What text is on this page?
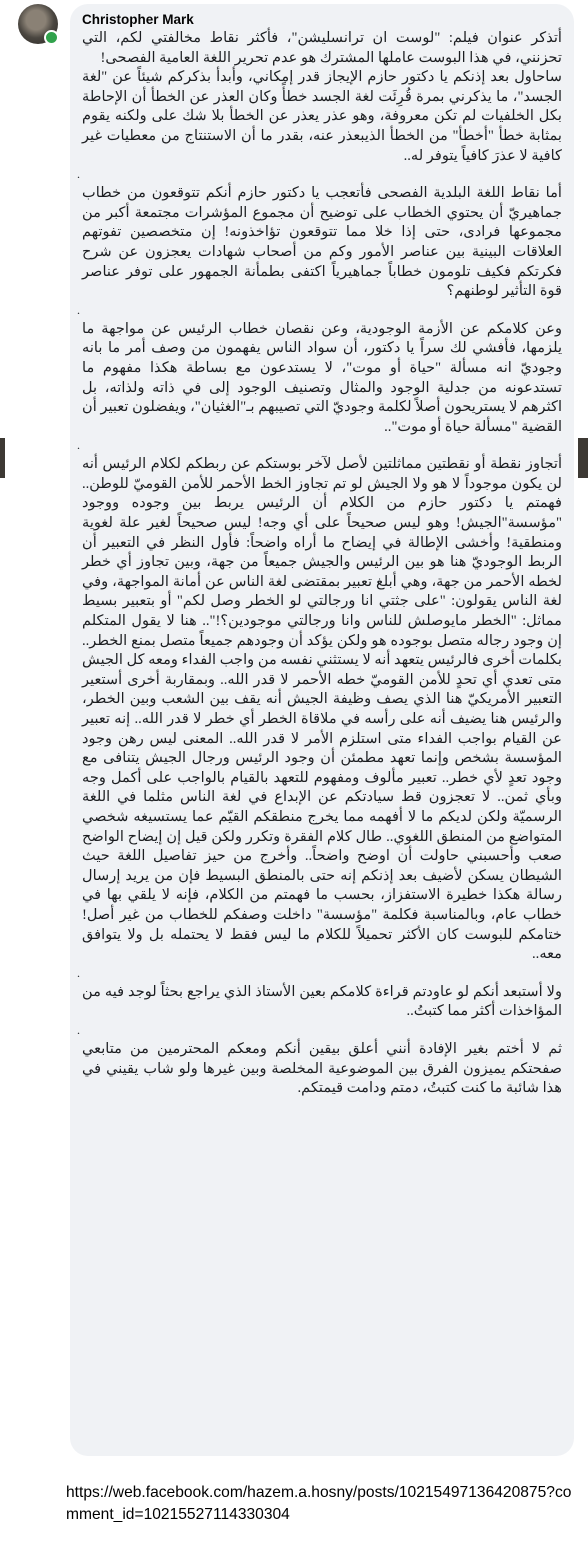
Christopher Mark

أتذكر عنوان فيلم: "لوست ان ترانسليشن"، فأكثر نقاط مخالفتي لكم، التي تحزنني، في هذا البوست عاملها المشترك هو عدم تحرير اللغة العامية الفصحى!

ساحاول بعد إذنكم يا دكتور حازم الإيجاز قدر إمكاني، وأبدأ بذكركم شيئاً عن "لغة الجسد"، ما يذكرني بمرة قُرِئَت لغة الجسد خطأً وكان العذر عن الخطأ أن الإحاطة بكل الخلفيات لم تكن معروفة، وهو عذر يعذر عن الخطأ بلا شك على ولكنه يقوم بمثابة خطأ "أخطأ" من الخطأ الذيبعذر عنه، بقدر ما أن الاستنتاج من معطيات غير كافية لا عذرَ كافياً يتوفر له..

.

أما نقاط اللغة البلدية الفصحى فأتعجب يا دكتور حازم أنكم تتوقعون من خطاب جماهيريّ أن يحتوي الخطاب على توضيح أن مجموع المؤشرات مجتمعة أكبر من مجموعها فرادى، حتى إذا خلا مما تتوقعون تؤاخذونه! إن متخصصين تفوتهم العلاقات البينية بين عناصر الأمور وكم من أصحاب شهادات يعجزون عن شرح فكرتكم فكيف تلومون خطاباً جماهيرياً اكتفى بطمأنة الجمهور على توفر عناصر قوة التأثير لوطنهم؟

.

وعن كلامكم عن الأزمة الوجودية، وعن نقصان خطاب الرئيس عن مواجهة ما يلزمها، فأفشي لك سراً يا دكتور، أن سواد الناس يفهمون من وصف أمر ما بانه وجوديّ انه مسألة "حياة أو موت"، لا يستدعون مع بساطة هكذا مفهوم ما تستدعونه من جدلية الوجود والمثال وتصنيف الوجود إلى في ذاته ولذاته، بل اكثرهم لا يستريحون أصلاً لكلمة وجوديّ التي تصيبهم بـ"الغثيان"، ويفضلون تعبير أن القضية "مسألة حياة أو موت"..

.

أتجاوز نقطة أو نقطتين مماثلتين لأصل لآخر بوستكم عن ربطكم لكلام الرئيس أنه لن يكون موجوداً لا هو ولا الجيش لو تم تجاوز الخط الأحمر للأمن القوميّ للوطن.. فهمتم يا دكتور حازم من الكلام أن الرئيس يربط بين وجوده ووجود "مؤسسة"الجيش! وهو ليس صحيحاً على أي وجه! ليس صحيحاً لغير علة لغوية ومنطقية! وأخشى الإطالة في إيضاح ما أراه واضحاً: فأول النظر في التعبير أن الربط الوجوديّ هنا هو بين الرئيس والجيش جميعاً من جهة، وبين تجاوز أي خطر لخطه الأحمر من جهة، وهي أبلغ تعبير بمقتضى لغة الناس عن أمانة المواجهة، وفي لغة الناس يقولون: "على جثتي انا ورجالتي لو الخطر وصل لكم" أو بتعبير بسيط مماثل: "الخطر مايوصلش للناس وانا ورجالتي موجودين؟!".. هنا لا يقول المتكلم إن وجود رجاله متصل بوجوده هو ولكن يؤكد أن وجودهم جميعاً متصل بمنع الخطر.. بكلمات أخرى فالرئيس يتعهد أنه لا يستثني نفسه من واجب الفداء ومعه كل الجيش متى تعدي أي تحدٍ للأمن القوميّ خطه الأحمر لا قدر الله.. وبمقاربة أخرى أستعير التعبير الأمريكيّ هنا الذي يصف وظيفة الجيش أنه يقف بين الشعب وبين الخطر، والرئيس هنا يضيف أنه على رأسه في ملاقاة الخطر أي خطر لا قدر الله.. إنه تعبير عن القيام بواجب الفداء متى استلزم الأمر لا قدر الله.. المعنى ليس رهن وجود المؤسسة بشخص وإنما تعهد مطمئن أن وجود الرئيس ورجال الجيش يتنافى مع وجود تعدٍ لأي خطر.. تعبير مألوف ومفهوم للتعهد بالقيام بالواجب على أكمل وجه وبأي ثمن.. لا تعجزون قط سيادتكم عن الإبداع في لغة الناس مثلما في اللغة الرسميّة ولكن لديكم ما لا أفهمه مما يخرج منطقكم القيّم عما يستسيغه شخصي المتواضع من المنطق اللغوي.. طال كلام الفقرة وتكرر ولكن قيل إن إيضاح الواضح صعب وأحسبني حاولت أن اوضح واضحاً.. وأخرج من حيز تفاصيل اللغة حيث الشيطان يسكن لأضيف بعد إذنكم إنه حتى بالمنطق البسيط فإن من يريد إرسال رسالة هكذا خطيرة الاستفزاز، بحسب ما فهمتم من الكلام، فإنه لا يلقي بها في خطاب عام، وبالمناسبة فكلمة "مؤسسة" داخلت وصفكم للخطاب من غير أصل! ختامكم للبوست كان الأكثر تحميلاً للكلام ما ليس فقط لا يحتمله بل ولا يتوافق معه..

.

ولا أستبعد أنكم لو عاودتم قراءة كلامكم بعين الأستاذ الذي يراجع بحثاً لوجد فيه من المؤاخذات أكثر مما كتبتُ..

.

ثم لا أختم بغير الإفادة أنني أعلق بيقين أنكم ومعكم المحترمين من متابعي صفحتكم يميزون الفرق بين الموضوعية المخلصة وبين غيرها ولو شاب يقيني في هذا شائبة ما كنت كتبتُ، دمتم ودامت قيمتكم.

https://web.facebook.com/hazem.a.hosny/posts/10215497136420875?comment_id=10215527114330304
